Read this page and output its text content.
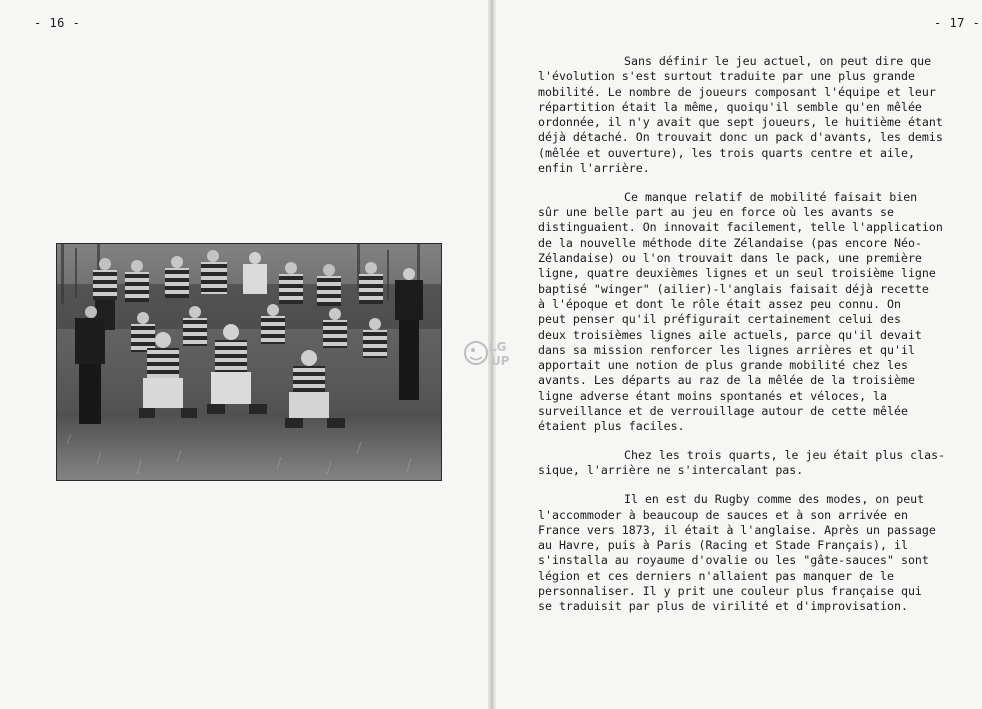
- 16 -	- 17 -
Sans définir le jeu actuel, on peut dire que
l'évolution s'est surtout traduite par une plus grande
mobilité. Le nombre de joueurs composant l'équipe et leur
répartition était la même, quoiqu'il semble qu'en mêlée
ordonnée, il n'y avait que sept joueurs, le huitième étant
déjà détaché. On trouvait donc un pack d'avants, les demis
(mêlée et ouverture), les trois quarts centre et aile,
enfin l'arrière.
Ce manque relatif de mobilité faisait bien
sûr une belle part au jeu en force où les avants se
distinguaient. On innovait facilement, telle l'application
de la nouvelle méthode dite Zélandaise (pas encore Néo-
Zélandaise) ou l'on trouvait dans le pack, une première
ligne, quatre deuxièmes lignes et un seul troisième ligne
baptisé "winger" (ailier)-l'anglais faisait déjà recette
à l'époque et dont le rôle était assez peu connu. On
peut penser qu'il préfigurait certainement celui des
deux troisièmes lignes aile actuels, parce qu'il devait
dans sa mission renforcer les lignes arrières et qu'il
apportait une notion de plus grande mobilité chez les
avants. Les départs au raz de la mêlée de la troisième
ligne adverse étant moins spontanés et véloces, la
surveillance et de verrouillage autour de cette mêlée
étaient plus faciles.
Chez les trois quarts, le jeu était plus clas-
sique, l'arrière ne s'intercalant pas.
Il en est du Rugby comme des modes, on peut
l'accommoder à beaucoup de sauces et à son arrivée en
France vers 1873, il était à l'anglaise. Après un passage
au Havre, puis à Paris (Racing et Stade Français), il
s'installa au royaume d'ovalie ou les "gâte-sauces" sont
légion et ces derniers n'allaient pas manquer de le
personnaliser. Il y prit une couleur plus française qui
se traduisit par plus de virilité et d'improvisation.
LG
UP
